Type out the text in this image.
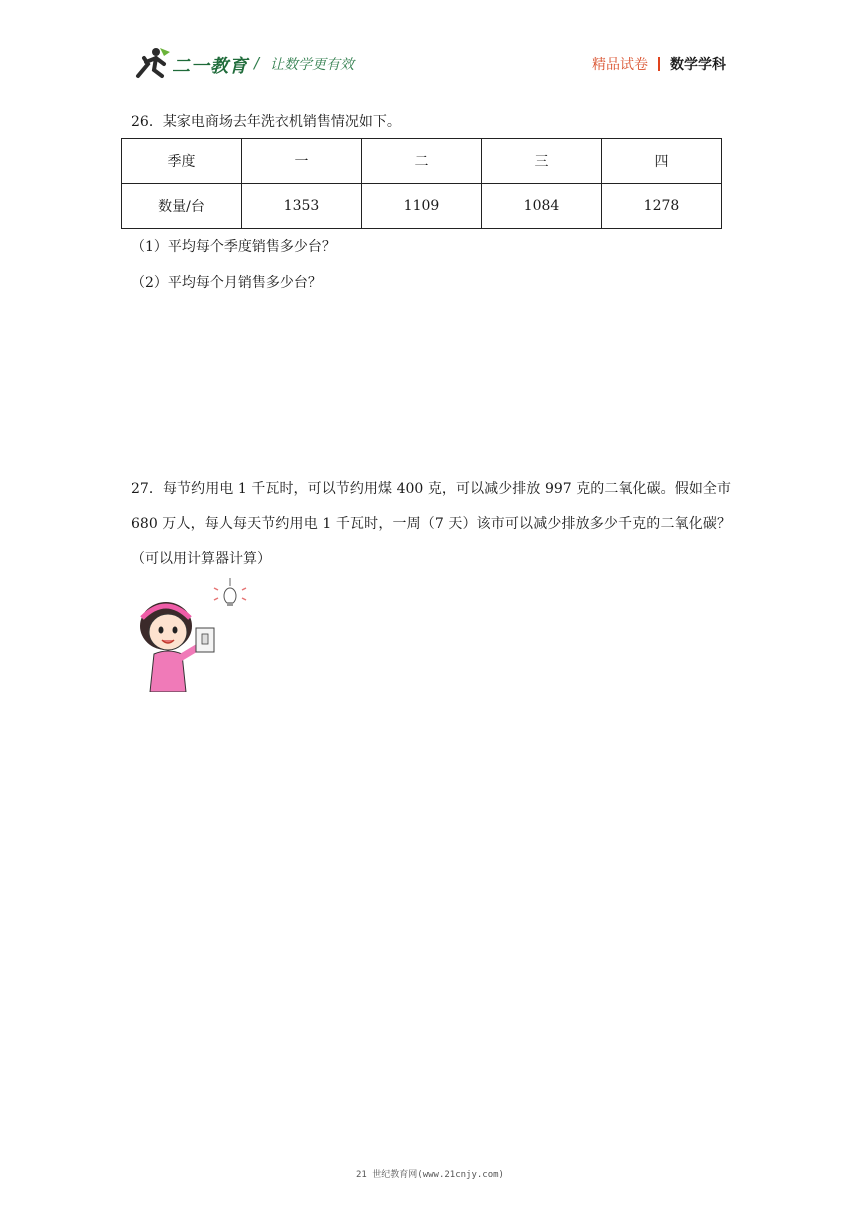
二一教育 / 让数学更有效	精品试卷 数学学科
26．某家电商场去年洗衣机销售情况如下。
季度	一	二	三	四
数量/台	1353	1109	1084	1278
（1）平均每个季度销售多少台？
（2）平均每个月销售多少台？
27．每节约用电 1 千瓦时，可以节约用煤 400 克，可以减少排放 997 克的二氧化碳。假如全市 680 万人，每人每天节约用电 1 千瓦时，一周（7 天）该市可以减少排放多少千克的二氧化碳？（可以用计算器计算）
21 世纪教育网(www.21cnjy.com)
